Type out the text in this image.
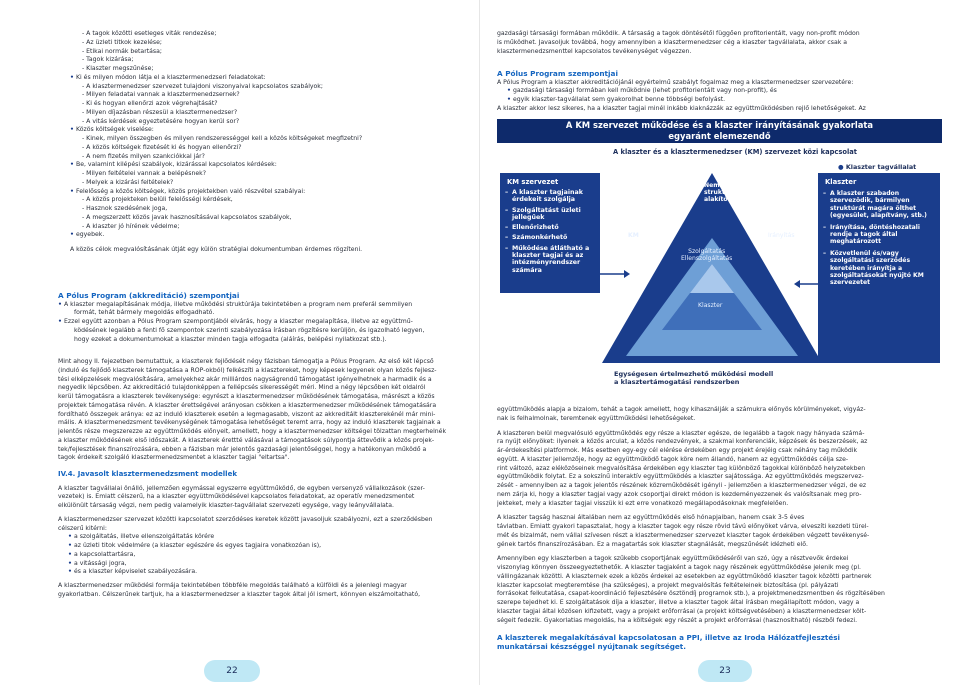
- A tagok közötti esetleges viták rendezése;
- Az üzleti titkok kezelése;
- Etikai normák betartása;
- Tagok kizárása;
- Klaszter megszűnése;
• Ki és milyen módon látja el a klasztermenedzseri feladatokat:
- A klasztermenedzser szervezet tulajdoni viszonyaival kapcsolatos szabályok;
- Milyen feladatai vannak a klasztermenedzsernek?
- Ki és hogyan ellenőrzi azok végrehajtását?
- Milyen díjazásban részesül a klasztermenedzser?
- A vitás kérdések egyeztetésére hogyan kerül sor?
• Közös költségek viselése:
- Kinek, milyen összegben és milyen rendszerességgel kell a közös költségeket megfizetni?
- A közös költségek fizetését ki és hogyan ellenőrzi?
- A nem fizetés milyen szankciókkal jár?
• Be, valamint kilépési szabályok, kizárással kapcsolatos kérdések:
- Milyen feltételei vannak a belépésnek?
- Melyek a kizárási feltételek?
• Felelősség a közös költségek, közös projektekben való részvétel szabályai:
- A közös projekteken belüli felelősségi kérdések,
- Hasznok szedésének joga,
- A megszerzett közös javak hasznosításával kapcsolatos szabályok,
- A klaszter jó hírének védelme;
• egyebek.
A közös célok megvalósításának útját egy külön stratégiai dokumentumban érdemes rögzíteni.
A Pólus Program (akkreditáció) szempontjai
• A klaszter megalapításának módja, illetve működési struktúrája tekintetében a program nem preferál semmilyen
formát, tehát bármely megoldás elfogadható.
• Ezzel együtt azonban a Pólus Program szempontjából elvárás, hogy a klaszter megalapítása, illetve az együttmű-
ködésének legalább a fenti fő szempontok szerinti szabályozása írásban rögzítésre kerüljön, és igazolható legyen,
hogy ezeket a dokumentumokat a klaszter minden tagja elfogadta (aláírás, belépési nyilatkozat stb.).
Mint ahogy II. fejezetben bemutattuk, a klaszterek fejlődését négy fázisban támogatja a Pólus Program. Az első két lépcső
(induló és fejlődő klaszterek támogatása a ROP-okból) felkészíti a klasztereket, hogy képesek legyenek olyan közös fejlesz-
tési elképzelések megvalósítására, amelyekhez akár milliárdos nagyságrendű támogatást igényelhetnek a harmadik és a
negyedik lépcsőben. Az akkreditáció tulajdonképpen a fellépcsés sikerességét méri. Mind a négy lépcsőben két oldalról
kerül támogatásra a klaszterek tevékenysége: egyrészt a klasztermenedzser működésének támogatása, másrészt a közös
projektek támogatása révén. A klaszter érettségével arányosan csökken a klasztermenedzser működésének támogatására
fordítható összegek aránya: ez az induló klaszterek esetén a legmagasabb, viszont az akkreditált klaszterekénél már mini-
mális. A klasztermenedzsment tevékenységének támogatása lehetőséget teremt arra, hogy az induló klaszterek tagjainak a
jelentős része megszerezze az együttműködés előnyeit, amellett, hogy a klasztermenedzser költségei tölzattan megterhelnék
a klaszter működésének első időszakát. A klaszterek érettté válásával a támogatások súlypontja áttevődik a közös projek-
tek/fejlesztések finanszírozására, ebben a fázisban már jelentős gazdasági jelentőséggel, hogy a hatékonyan működő a
tagok érdekeit szolgáló klasztermenedzsmentet a klaszter tagjai "eltartsa".
IV.4. Javasolt klasztermenedzsment modellek
A klaszter tagvállalai önálló, jellemzően egymással egyszerre együttműködő, de egyben versenyző vállalkozások (szer-
vezetek) is. Emiatt célszerű, ha a klaszter együttműködésével kapcsolatos feladatokat, az operatív menedzsmentet
elkülönült társaság végzi, nem pedig valamelyik klaszter-tagvállalat szervezeti egysége, vagy leányvállalata.
A klasztermenedzser szervezet közötti kapcsolatot szerződéses keretek között javasoljuk szabályozni, ezt a szerződésben
célszerű kitérni:
• a szolgáltatás, illetve ellenszolgáltatás körére
• az üzleti titok védelmére (a klaszter egészére és egyes tagjaira vonatkozóan is),
• a kapcsolattartásra,
• a vitássági jogra,
• és a klaszter képviselet szabályozására.
A klasztermenedzser működési formája tekintetében többféle megoldás található a külföldi és a jelenlegi magyar
gyakorlatban. Célszerűnek tartjuk, ha a klasztermenedzser a klaszter tagok által jól ismert, könnyen elszámoltatható,
22
gazdasági társasági formában működik. A társaság a tagok döntésétől függően profitorientált, vagy non-profit módon
is működhet. Javasoljuk továbbá, hogy amennyiben a klasztermenedzser cég a klaszter tagvállalata, akkor csak a
klasztermenedzsmenttel kapcsolatos tevékenységet végezzen.
A Pólus Program szempontjai
A Pólus Program a klaszter akkreditációjánál egyértelmű szabályt fogalmaz meg a klasztermenedzser szervezetére:
• gazdasági társasági formában kell működnie (lehet profitorientált vagy non-profit), és
• egyik klaszter-tagvállalat sem gyakorolhat benne többségi befolyást.
A klaszter akkor lesz sikeres, ha a klaszter tagjai minél inkább kiaknázzák az együttműködésben rejlő lehetőségeket. Az
A KM szervezet működése és a klaszter irányításának gyakorlata
egyaránt elemezendő
A klaszter és a klasztermenedzser (KM) szervezet közi kapcsolat
● Klaszter tagvállalat
KM szervezet
– A klaszter tagjainak érdekeit szolgálja
– Szolgáltatást üzleti jellegűek
– Ellenőrizhető
– Számonkérhető
– Működése átlátható a klaszter tagjai és az intézményrendszer számára
Befolyásolni
tudó
terület
Nem meghatározott
struktúrájú, önmagát
alakító terület
KM
Szolgáltatás
Ellenszolgáltatás
Irányítás
Klaszter
Klaszter
– A klaszter szabadon szervezödik, bármilyen struktúrát magára ölthet (egyesület, alapítvány, stb.)
– Irányítása, döntéshozatali rendje a tagok által meghatározott
– Közvetlenül és/vagy szolgáltatási szerződés keretében irányítja a szolgáltatásokat nyújtó KM szervezetet
Egységesen értelmezhető működési modell
a klasztertámogatási rendszerben
együttműködés alapja a bizalom, tehát a tagok amellett, hogy kihasználják a számukra előnyös körülményeket, vigyáz-
nak is felhalmolnak, teremtenek együttműködési lehetőségeket.
A klaszteren belül megvalósuló együttműködés egy része a klaszter egésze, de legalább a tagok nagy hányada számá-
ra nyújt előnyöket: ilyenek a közös arculat, a közös rendezvények, a szakmai konferenciák, képzések és beszerzések, az
ár-érdekesítési platformok. Más esetben egy-egy cél elérése érdekében egy projekt érejéig csak néhány tag működik
együtt. A klaszter jellemzője, hogy az együttműködő tagok köre nem állandó, hanem az együttműködés célja sze-
rint változó, azaz eléközöseinek megvalósítása érdekében egy klaszter tag különböző tagokkal különböző helyzetekben
együttműködik folytat. Ez a sokszínű interaktív együttműködés a klaszter sajátossága. Az együttműködés megszervez-
zését - amennyiben az a tagok jelentős részének közreműködését igényli - jellemzően a klasztermenedzser végzi, de ez
nem zárja ki, hogy a klaszter tagjai vagy azok csoportjai direkt módon is kezdeményezzenek és valósítsanak meg pro-
jekteket, mely a klaszter tagjai visszük ki ezt erre vonatkozó megállapodásoknak megfelelően.
A klaszter tagság hasznai általában nem az együttműködés első hónapjaiban, hanem csak 3-5 éves
távlatban. Emiatt gyakori tapasztalat, hogy a klaszter tagok egy része rövid távú előnyöket várva, elveszíti kezdeti türel-
mét és bizalmát, nem vállal szívesen részt a klasztermenedzser szervezet klaszter tagok érdekében végzett tevékenysé-
gének tartós finanszírozásában. Ez a magatartás sok klaszter stagnálását, megszűnését idézheti elő.
Amennyiben egy klaszterben a tagok szűkebb csoportjának együttműködéséről van szó, úgy a résztvevők érdekei
viszonylag könnyen összeegyeztethetők. A klaszter tagjaként a tagok nagy részének együttműködése jelenik meg (pl.
vállingázanak közötti. A klaszternek ezek a közös érdekei az esetekben az együttműködő klaszter tagok közötti partnerek
klaszter kapcsolat megteremtése (ha szükséges), a projekt megvalósítás feltételeinek biztosítása (pl. pályázati
forrásokat felkutatása, csapat-koordináció fejlesztésére ösztöndíj programok stb.), a projektmenedzsmentben és rögzítésében
szerepe tejedhet ki. E szolgáltatások díja a klaszter, illetve a klaszter tagok által írásban megállapított módon, vagy a
klaszter tagjai által közösen kifizetett, vagy a projekt erőforrásai (a projekt költségvetésében) a klasztermenedzser költ-
ségeit fedezik. Gyakorlatias megoldás, ha a költségek egy részét a projekt erőforrásai (hasznosítható) részből fedezi.
A klaszterek megalakításával kapcsolatosan a PPI, illetve az Iroda Hálózatfejlesztési
munkatársai készséggel nyújtanak segítséget.
23
